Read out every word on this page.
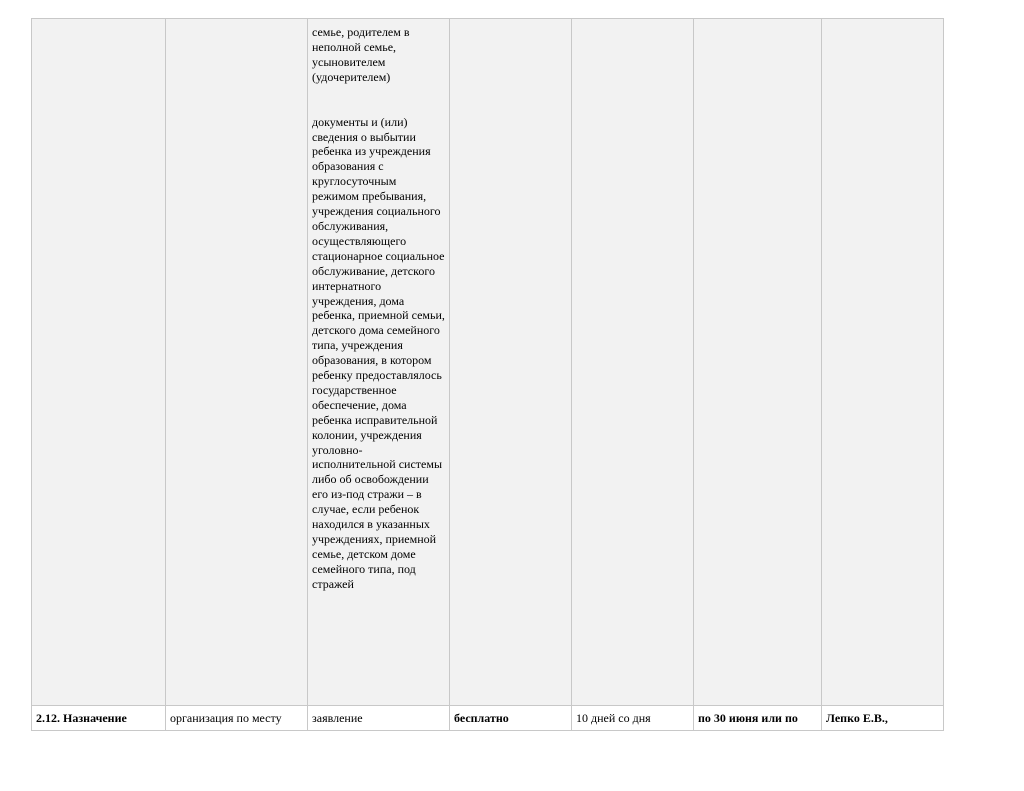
		семье, родителем в неполной семье, усыновителем (удочерителем)

документы и (или) сведения о выбытии ребенка из учреждения образования с круглосуточным режимом пребывания, учреждения социального обслуживания, осуществляющего стационарное социальное обслуживание, детского интернатного учреждения, дома ребенка, приемной семьи, детского дома семейного типа, учреждения образования, в котором ребенку предоставлялось государственное обеспечение, дома ребенка исправительной колонии, учреждения уголовно-исполнительной системы либо об освобождении его из-под стражи – в случае, если ребенок находился в указанных учреждениях, приемной семье, детском доме семейного типа, под стражей				

2.12. Назначение	организация по месту	заявление	бесплатно	10 дней со дня	по 30 июня или по	Лепко Е.В.,
